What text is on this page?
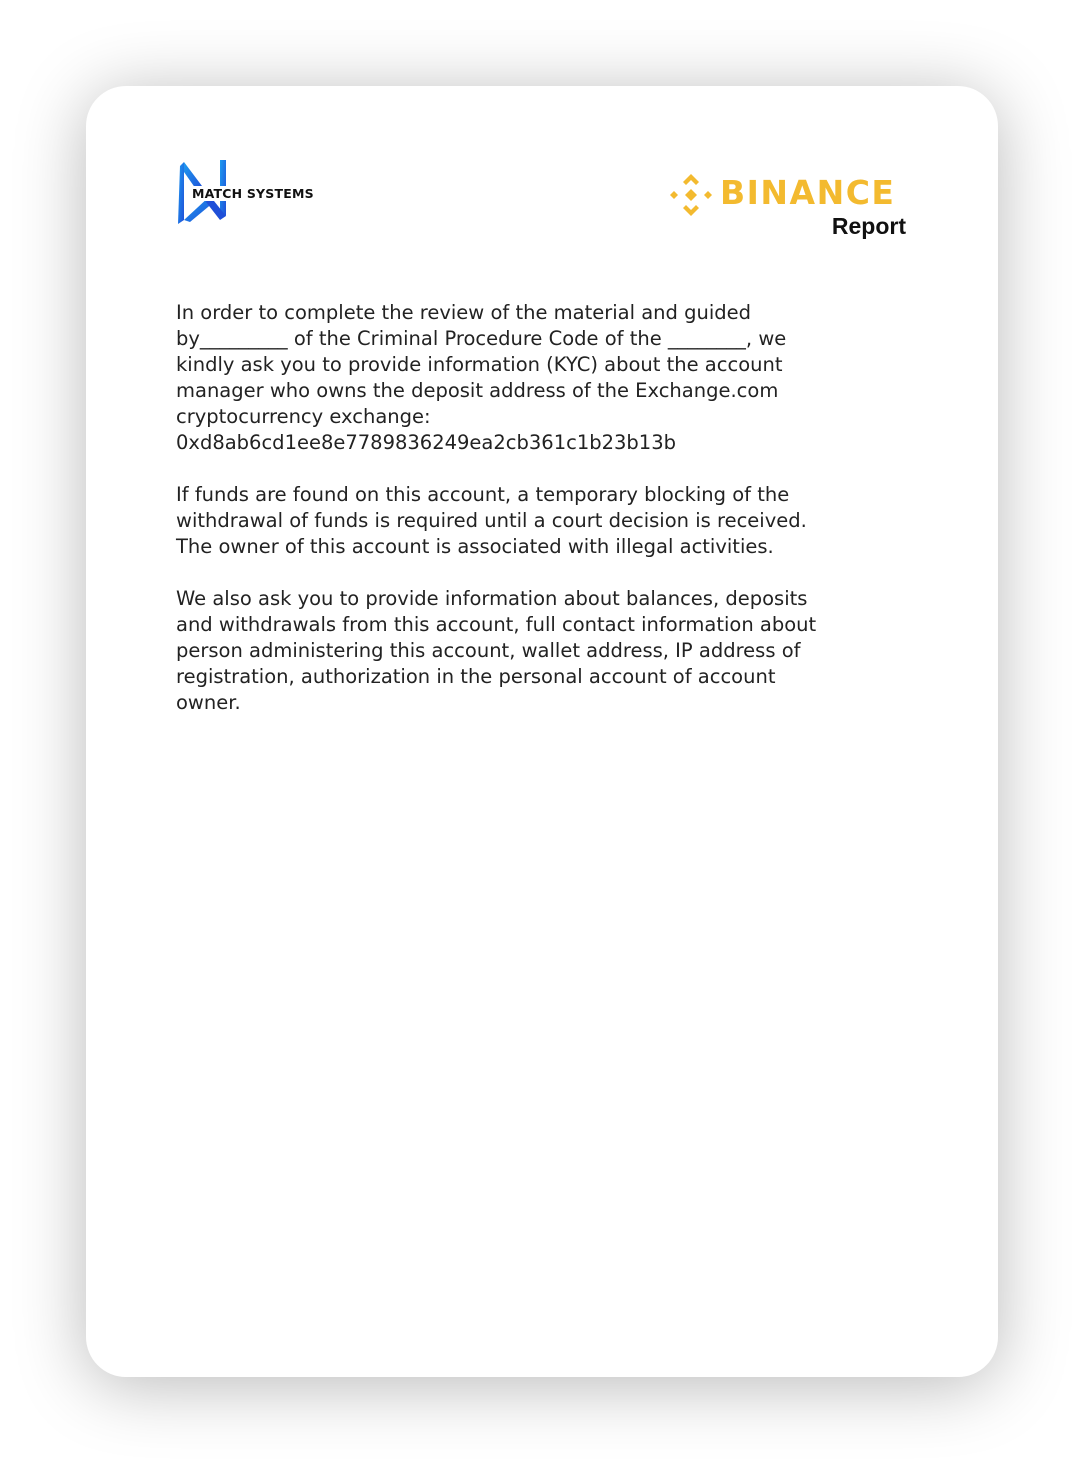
MATCH SYSTEMS	BINANCE
Report

In order to complete the review of the material and guided
by_________ of the Criminal Procedure Code of the ________, we
kindly ask you to provide information (KYC) about the account
manager who owns the deposit address of the Exchange.com
cryptocurrency exchange:
0xd8ab6cd1ee8e7789836249ea2cb361c1b23b13b

If funds are found on this account, a temporary blocking of the
withdrawal of funds is required until a court decision is received.
The owner of this account is associated with illegal activities.

We also ask you to provide information about balances, deposits
and withdrawals from this account, full contact information about
person administering this account, wallet address, IP address of
registration, authorization in the personal account of account
owner.
